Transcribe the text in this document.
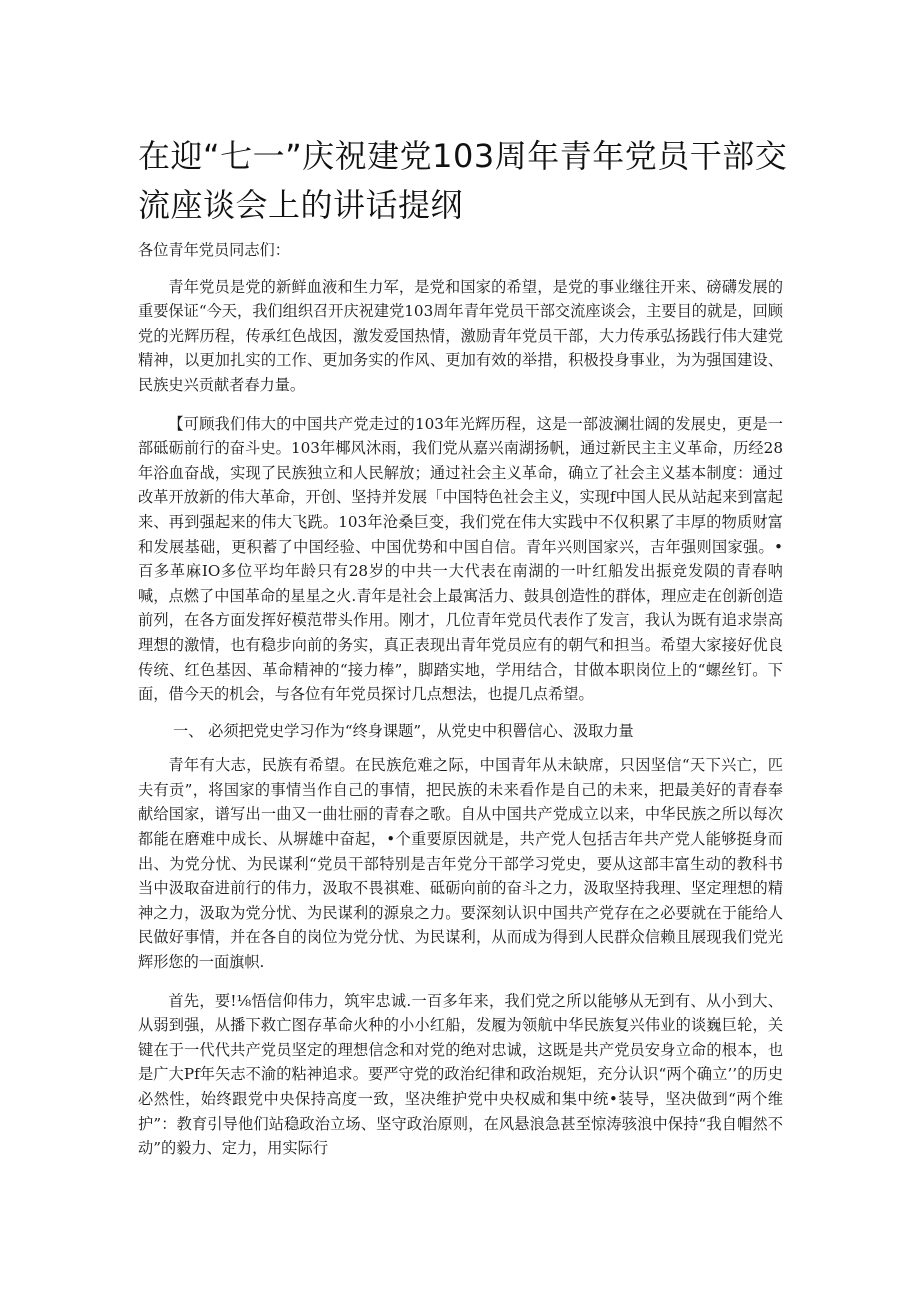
在迎“七一”庆祝建党103周年青年党员干部交流座谈会上的讲话提纲

各位青年党员同志们：

青年党员是党的新鲜血液和生力军，是党和国家的希望，是党的事业继往开来、磅礴发展的重要保证“今天，我们组织召开庆祝建党103周年青年党员干部交流座谈会，主要目的就是，回顾党的光辉历程，传承红色战因，激发爱国热情，激励青年党员干部，大力传承弘扬践行伟大建党精神，以更加扎实的工作、更加务实的作风、更加有效的举措，积极投身事业，为为强国建设、民族史兴贡献者春力量。

【可顾我们伟大的中国共产党走过的103年光辉历程，这是一部波澜壮阔的发展史，更是一部砥砺前行的奋斗史。103年椰风沐雨，我们党从嘉兴南湖扬帆，通过新民主主义革命，历经28年浴血奋战，实现了民族独立和人民解放；通过社会主义革命，确立了社会主义基本制度：通过改革开放新的伟大革命，开创、坚持并发展「中国特色社会主义，实现f中国人民从站起来到富起来、再到强起来的伟大飞跣。103年沧桑巨变，我们党在伟大实践中不仅积累了丰厚的物质财富和发展基础，更积蓄了中国经验、中国优势和中国自信。青年兴则国家兴，吉年强则国家强。•百多革麻IO多位平均年龄只有28岁的中共一大代表在南湖的一叶红船发出振竞发陨的青春呐喊，点燃了中国革命的星星之火.青年是社会上最寓活力、鼓具创造性的群体，理应走在创新创造前列，在各方面发挥好模范带头作用。刚才，几位青年党员代表作了发言，我认为既有追求崇高理想的激情，也有稳步向前的务实，真正表现出青年党员应有的朝气和担当。希望大家接好优良传统、红色基因、革命精神的“接力棒”，脚踏实地，学用结合，甘做本职岗位上的“螺丝钉。下面，借今天的机会，与各位有年党员探讨几点想法，也提几点希望。

一、 必须把党史学习作为“终身课题”，从党史中积罾信心、汲取力量

青年有大志，民族有希望。在民族危难之际，中国青年从未缺席，只因坚信“天下兴亡，匹夫有贡”，将国家的事情当作自己的事情，把民族的未来看作是自己的未来，把最美好的青春奉献给国家，谱写出一曲又一曲壮丽的青春之歌。自从中国共产党成立以来，中华民族之所以每次都能在磨难中成长、从塀雄中奋起，•个重要原因就是，共产党人包括吉年共产党人能够挺身而出、为党分忧、为民谋利“党员干部特别是吉年党分干部学习党史，要从这部丰富生动的教科书当中汲取奋进前行的伟力，汲取不畏祺难、砥砺向前的奋斗之力，汲取坚持我理、坚定理想的精神之力，汲取为党分忧、为民谋利的源泉之力。要深刻认识中国共产党存在之必要就在于能给人民做好事情，并在各自的岗位为党分忧、为民谋利，从而成为得到人民群众信赖且展现我们党光辉形您的一面旗帜.

首先，要!⅛悟信仰伟力，筑牢忠诚.一百多年来，我们党之所以能够从无到有、从小到大、从弱到强，从播下救亡图存革命火种的小小红船，发履为领航中华民族复兴伟业的谈巍巨轮，关键在于一代代共产党员坚定的理想信念和对党的绝对忠诚，这既是共产党员安身立命的根本，也是广大Pf年矢志不渝的粘神追求。要严守党的政治纪律和政治规矩，充分认识“两个确立’’的历史必然性，始终跟党中央保持高度一致，坚决维护党中央权威和集中统•装导，坚决做到“两个维护”：教育引导他们站稳政治立场、坚守政治原则，在风悬浪急甚至惊涛骇浪中保持“我自帽然不动”的毅力、定力，用实际行
